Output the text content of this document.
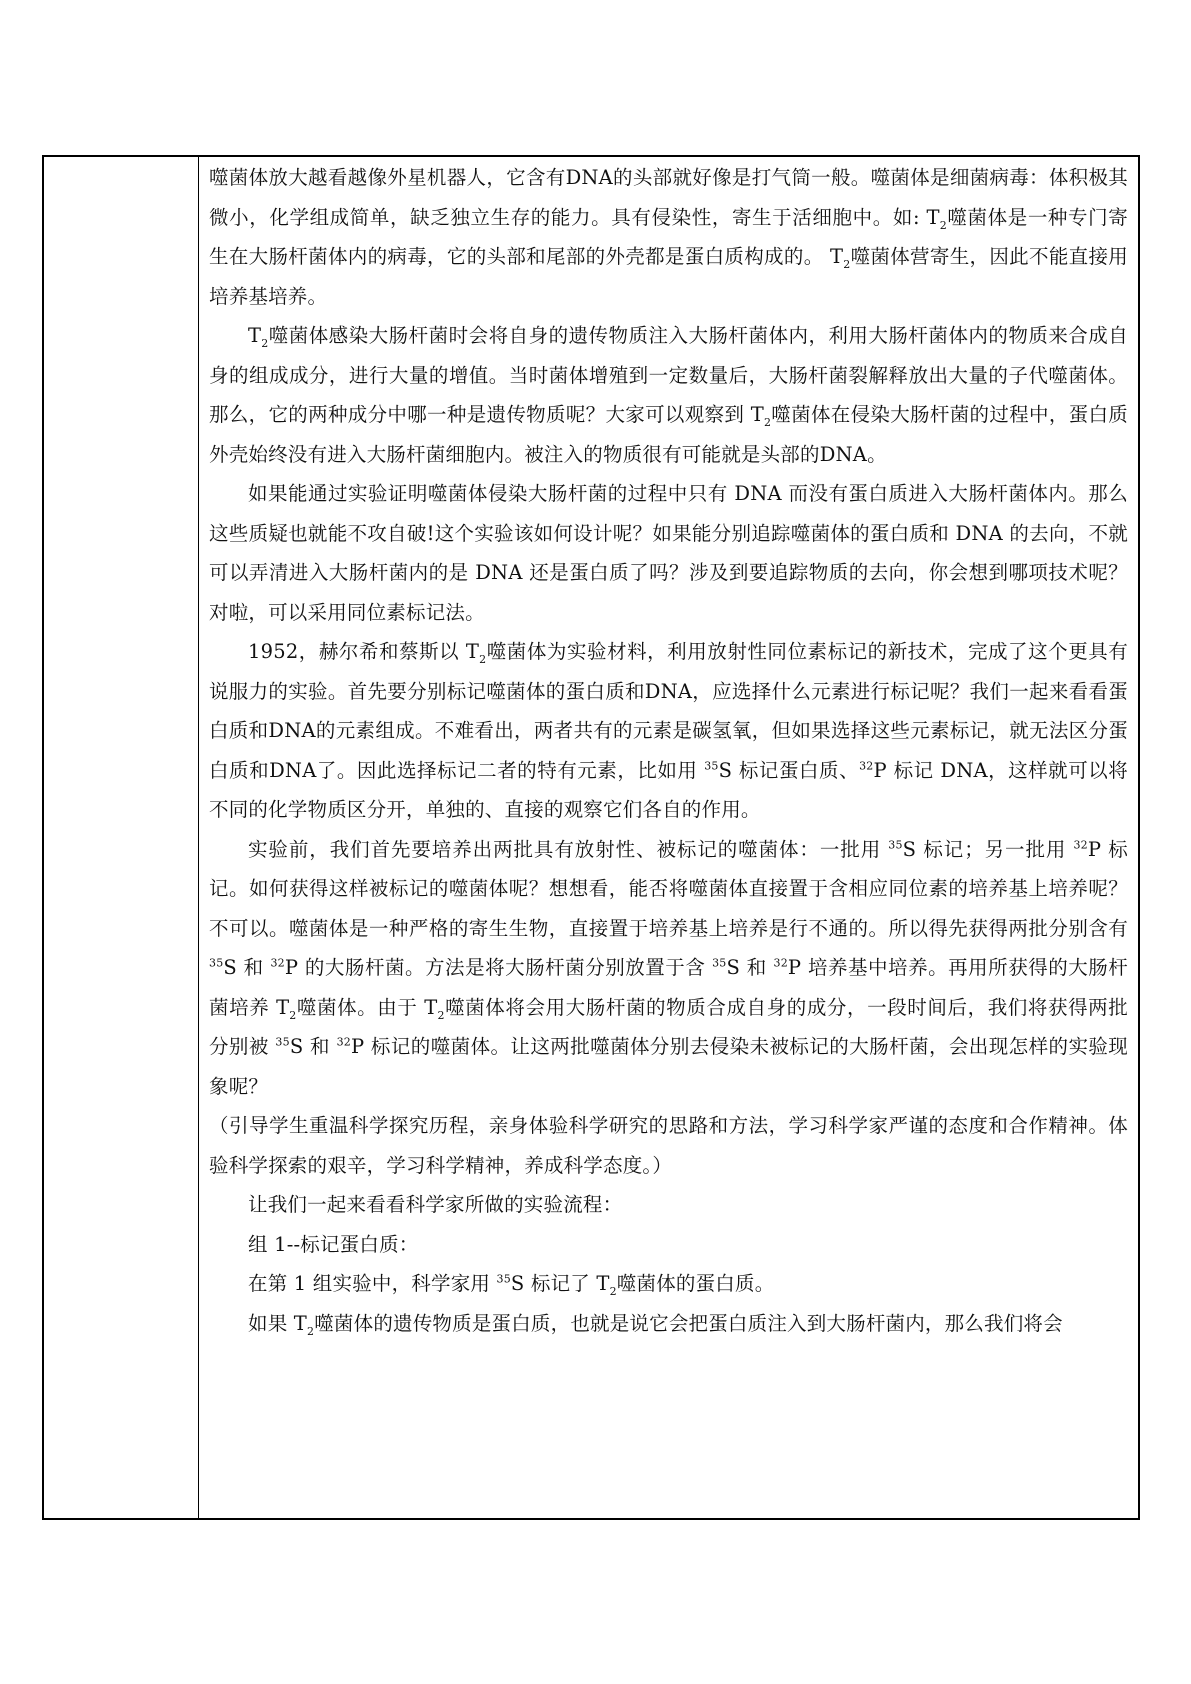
噬菌体放大越看越像外星机器人，它含有DNA的头部就好像是打气筒一般。噬菌体是细菌病毒：体积极其微小，化学组成简单，缺乏独立生存的能力。具有侵染性，寄生于活细胞中。如: $T_2$噬菌体是一种专门寄生在大肠杆菌体内的病毒，它的头部和尾部的外壳都是蛋白质构成的。 $T_2$噬菌体营寄生，因此不能直接用培养基培养。

$T_2$噬菌体感染大肠杆菌时会将自身的遗传物质注入大肠杆菌体内，利用大肠杆菌体内的物质来合成自身的组成成分，进行大量的增值。当时菌体增殖到一定数量后，大肠杆菌裂解释放出大量的子代噬菌体。那么，它的两种成分中哪一种是遗传物质呢？大家可以观察到 $T_2$噬菌体在侵染大肠杆菌的过程中，蛋白质外壳始终没有进入大肠杆菌细胞内。被注入的物质很有可能就是头部的DNA。

如果能通过实验证明噬菌体侵染大肠杆菌的过程中只有 DNA 而没有蛋白质进入大肠杆菌体内。那么这些质疑也就能不攻自破!这个实验该如何设计呢？如果能分别追踪噬菌体的蛋白质和 DNA 的去向，不就可以弄清进入大肠杆菌内的是 DNA 还是蛋白质了吗？涉及到要追踪物质的去向，你会想到哪项技术呢？对啦，可以采用同位素标记法。

1952，赫尔希和蔡斯以 $T_2$噬菌体为实验材料，利用放射性同位素标记的新技术，完成了这个更具有说服力的实验。首先要分别标记噬菌体的蛋白质和DNA，应选择什么元素进行标记呢？我们一起来看看蛋白质和DNA的元素组成。不难看出，两者共有的元素是碳氢氧，但如果选择这些元素标记，就无法区分蛋白质和DNA了。因此选择标记二者的特有元素，比如用 $^{35}$S 标记蛋白质、$^{32}$P 标记 DNA，这样就可以将不同的化学物质区分开，单独的、直接的观察它们各自的作用。

实验前，我们首先要培养出两批具有放射性、被标记的噬菌体：一批用 $^{35}$S 标记；另一批用 $^{32}$P 标记。如何获得这样被标记的噬菌体呢？想想看，能否将噬菌体直接置于含相应同位素的培养基上培养呢？不可以。噬菌体是一种严格的寄生生物，直接置于培养基上培养是行不通的。所以得先获得两批分别含有 $^{35}$S 和 $^{32}$P 的大肠杆菌。方法是将大肠杆菌分别放置于含 $^{35}$S 和 $^{32}$P 培养基中培养。再用所获得的大肠杆菌培养 $T_2$噬菌体。由于 $T_2$噬菌体将会用大肠杆菌的物质合成自身的成分，一段时间后，我们将获得两批分别被 $^{35}$S 和 $^{32}$P 标记的噬菌体。让这两批噬菌体分别去侵染未被标记的大肠杆菌，会出现怎样的实验现象呢？

（引导学生重温科学探究历程，亲身体验科学研究的思路和方法，学习科学家严谨的态度和合作精神。体验科学探索的艰辛，学习科学精神，养成科学态度。）

让我们一起来看看科学家所做的实验流程：

组 1--标记蛋白质：

在第 1 组实验中，科学家用 $^{35}$S 标记了 $T_2$噬菌体的蛋白质。

如果 $T_2$噬菌体的遗传物质是蛋白质，也就是说它会把蛋白质注入到大肠杆菌内，那么我们将会
